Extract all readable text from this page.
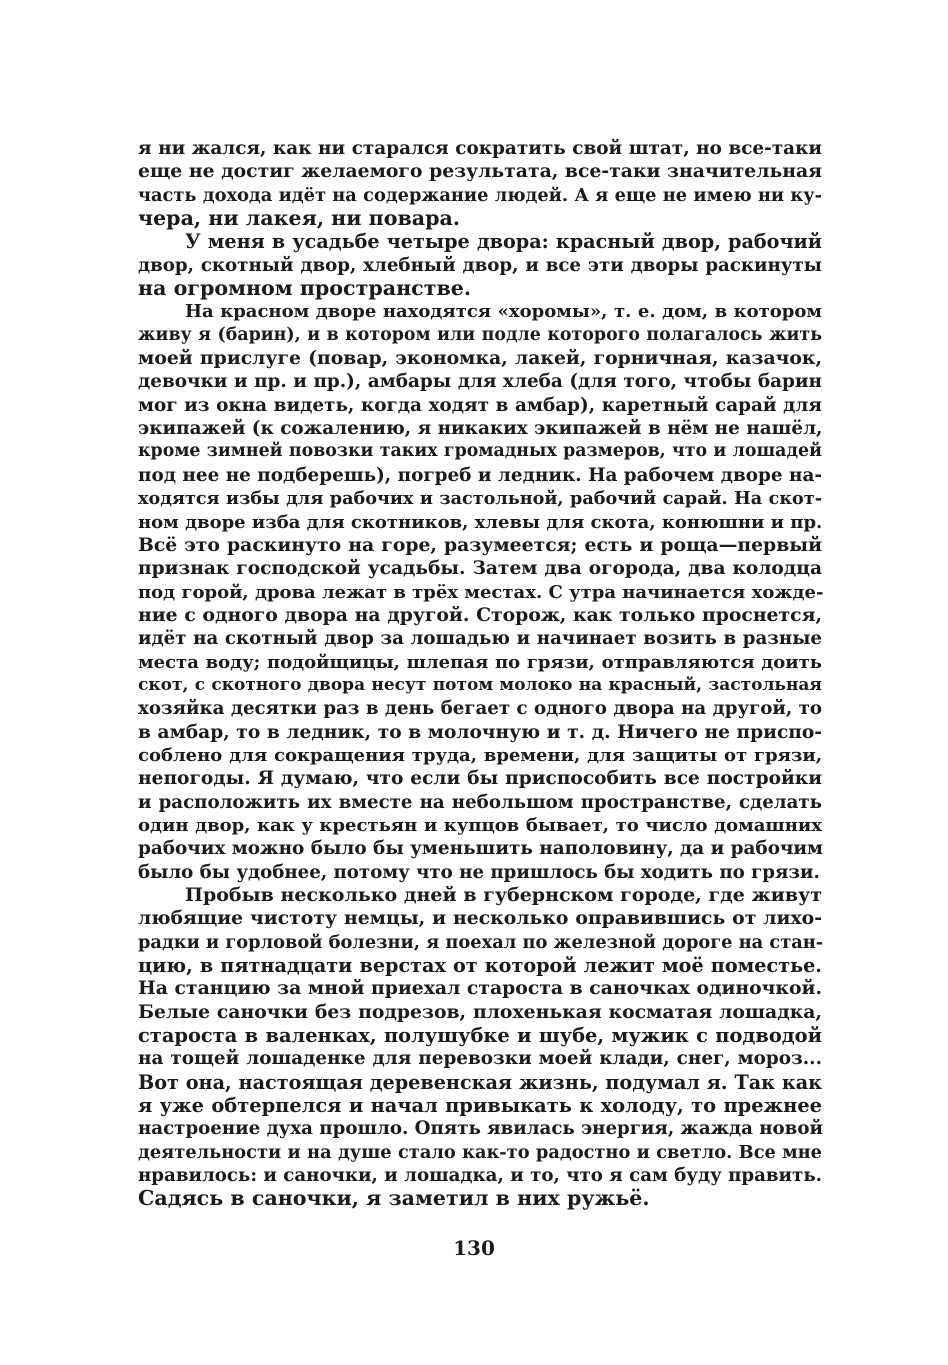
я ни жался, как ни старался сократить свой штат, но все-таки
еще не достиг желаемого результата, все-таки значительная
часть дохода идёт на содержание людей. А я еще не имею ни ку-
чера, ни лакея, ни повара.
У меня в усадьбе четыре двора: красный двор, рабочий
двор, скотный двор, хлебный двор, и все эти дворы раскинуты
на огромном пространстве.
На красном дворе находятся «хоромы», т. е. дом, в котором
живу я (барин), и в котором или подле которого полагалось жить
моей прислуге (повар, экономка, лакей, горничная, казачок,
девочки и пр. и пр.), амбары для хлеба (для того, чтобы барин
мог из окна видеть, когда ходят в амбар), каретный сарай для
экипажей (к сожалению, я никаких экипажей в нём не нашёл,
кроме зимней повозки таких громадных размеров, что и лошадей
под нее не подберешь), погреб и ледник. На рабочем дворе на-
ходятся избы для рабочих и застольной, рабочий сарай. На скот-
ном дворе изба для скотников, хлевы для скота, конюшни и пр.
Всё это раскинуто на горе, разумеется; есть и роща—первый
признак господской усадьбы. Затем два огорода, два колодца
под горой, дрова лежат в трёх местах. С утра начинается хожде-
ние с одного двора на другой. Сторож, как только проснется,
идёт на скотный двор за лошадью и начинает возить в разные
места воду; подойщицы, шлепая по грязи, отправляются доить
скот, с скотного двора несут потом молоко на красный, застольная
хозяйка десятки раз в день бегает с одного двора на другой, то
в амбар, то в ледник, то в молочную и т. д. Ничего не приспо-
соблено для сокращения труда, времени, для защиты от грязи,
непогоды. Я думаю, что если бы приспособить все постройки
и расположить их вместе на небольшом пространстве, сделать
один двор, как у крестьян и купцов бывает, то число домашних
рабочих можно было бы уменьшить наполовину, да и рабочим
было бы удобнее, потому что не пришлось бы ходить по грязи.
Пробыв несколько дней в губернском городе, где живут
любящие чистоту немцы, и несколько оправившись от лихо-
радки и горловой болезни, я поехал по железной дороге на стан-
цию, в пятнадцати верстах от которой лежит моё поместье.
На станцию за мной приехал староста в саночках одиночкой.
Белые саночки без подрезов, плохенькая косматая лошадка,
староста в валенках, полушубке и шубе, мужик с подводой
на тощей лошаденке для перевозки моей клади, снег, мороз...
Вот она, настоящая деревенская жизнь, подумал я. Так как
я уже обтерпелся и начал привыкать к холоду, то прежнее
настроение духа прошло. Опять явилась энергия, жажда новой
деятельности и на душе стало как-то радостно и светло. Все мне
нравилось: и саночки, и лошадка, и то, что я сам буду править.
Садясь в саночки, я заметил в них ружьё.
130
